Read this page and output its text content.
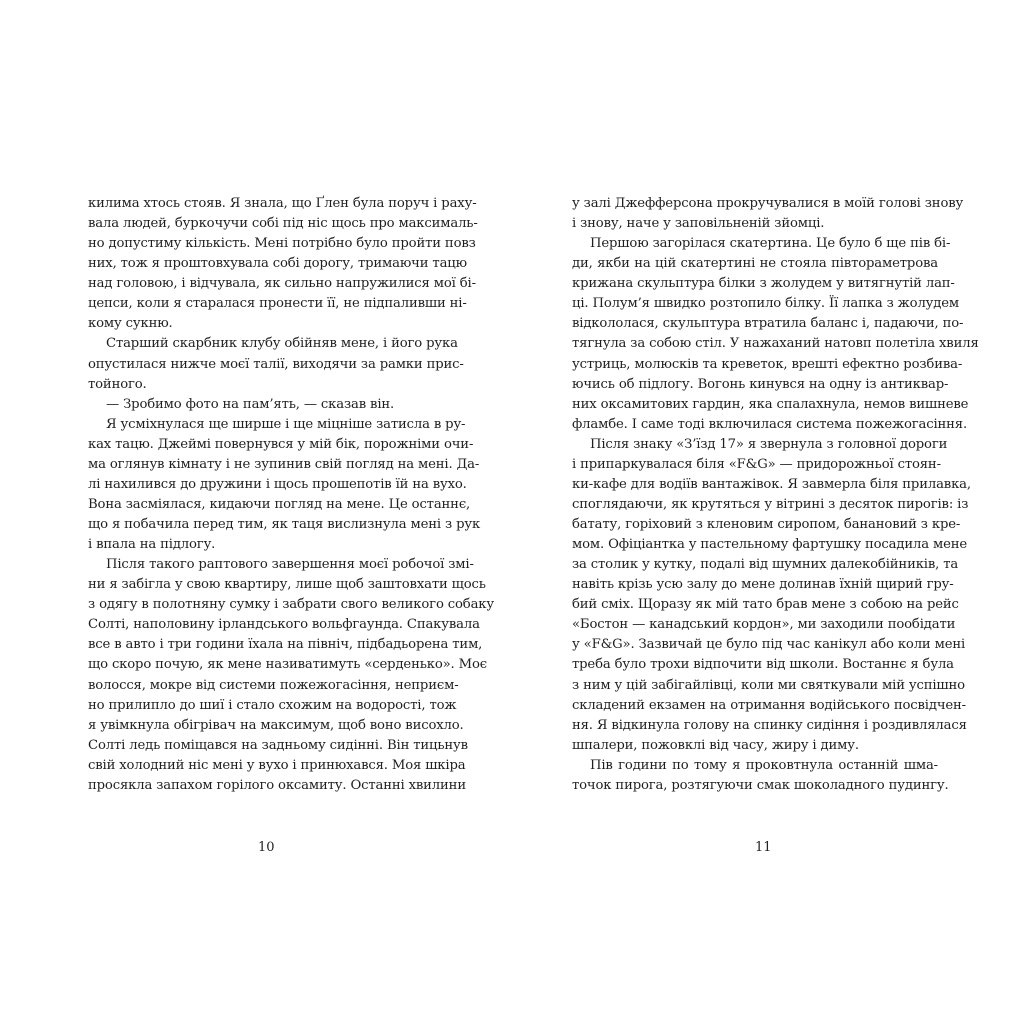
килима хтось стояв. Я знала, що Ґлен була поруч і раху-
вала людей, буркочучи собі під ніс щось про максималь-
но допустиму кількість. Мені потрібно було пройти повз
них, тож я проштовхувала собі дорогу, тримаючи тацю
над головою, і відчувала, як сильно напружилися мої бі-
цепси, коли я старалася пронести її, не підпаливши ні-
кому сукню.
Старший скарбник клубу обійняв мене, і його рука
опустилася нижче моєї талії, виходячи за рамки прис-
тойного.
— Зробимо фото на пам’ять, — сказав він.
Я усміхнулася ще ширше і ще міцніше затисла в ру-
ках тацю. Джеймі повернувся у мій бік, порожніми очи-
ма оглянув кімнату і не зупинив свій погляд на мені. Да-
лі нахилився до дружини і щось прошепотів їй на вухо.
Вона засміялася, кидаючи погляд на мене. Це останнє,
що я побачила перед тим, як таця вислизнула мені з рук
і впала на підлогу.
Після такого раптового завершення моєї робочої змі-
ни я забігла у свою квартиру, лише щоб заштовхати щось
з одягу в полотняну сумку і забрати свого великого собаку
Солті, наполовину ірландського вольфгаунда. Спакувала
все в авто і три години їхала на північ, підбадьорена тим,
що скоро почую, як мене називатимуть «серденько». Моє
волосся, мокре від системи пожежогасіння, неприєм-
но прилипло до шиї і стало схожим на водорості, тож
я увімкнула обігрівач на максимум, щоб воно висохло.
Солті ледь поміщався на задньому сидінні. Він тицьнув
свій холодний ніс мені у вухо і принюхався. Моя шкіра
просякла запахом горілого оксамиту. Останні хвилини
10
у залі Джефферсона прокручувалися в моїй голові знову
і знову, наче у заповільненій зйомці.
Першою загорілася скатертина. Це було б ще пів бі-
ди, якби на цій скатертині не стояла півтораметрова
крижана скульптура білки з жолудем у витягнутій лап-
ці. Полум’я швидко розтопило білку. Її лапка з жолудем
відкололася, скульптура втратила баланс і, падаючи, по-
тягнула за собою стіл. У нажаханий натовп полетіла хвиля
устриць, молюсків та креветок, врешті ефектно розбива-
ючись об підлогу. Вогонь кинувся на одну із антиквар-
них оксамитових гардин, яка спалахнула, немов вишневе
фламбе. І саме тоді включилася система пожежогасіння.
Після знаку «З’їзд 17» я звернула з головної дороги
і припаркувалася біля «F&G» — придорожньої стоян-
ки-кафе для водіїв вантажівок. Я завмерла біля прилавка,
споглядаючи, як крутяться у вітрині з десяток пирогів: із
батату, горіховий з кленовим сиропом, банановий з кре-
мом. Офіціантка у пастельному фартушку посадила мене
за столик у кутку, подалі від шумних далекобійників, та
навіть крізь усю залу до мене долинав їхній щирий гру-
бий сміх. Щоразу як мій тато брав мене з собою на рейс
«Бостон — канадський кордон», ми заходили пообідати
у «F&G». Зазвичай це було під час канікул або коли мені
треба було трохи відпочити від школи. Востаннє я була
з ним у цій забігайлівці, коли ми святкували мій успішно
складений екзамен на отримання водійського посвідчен-
ня. Я відкинула голову на спинку сидіння і роздивлялася
шпалери, пожовклі від часу, жиру і диму.
Пів години по тому я проковтнула останній шма-
точок пирога, розтягуючи смак шоколадного пудингу.
11
